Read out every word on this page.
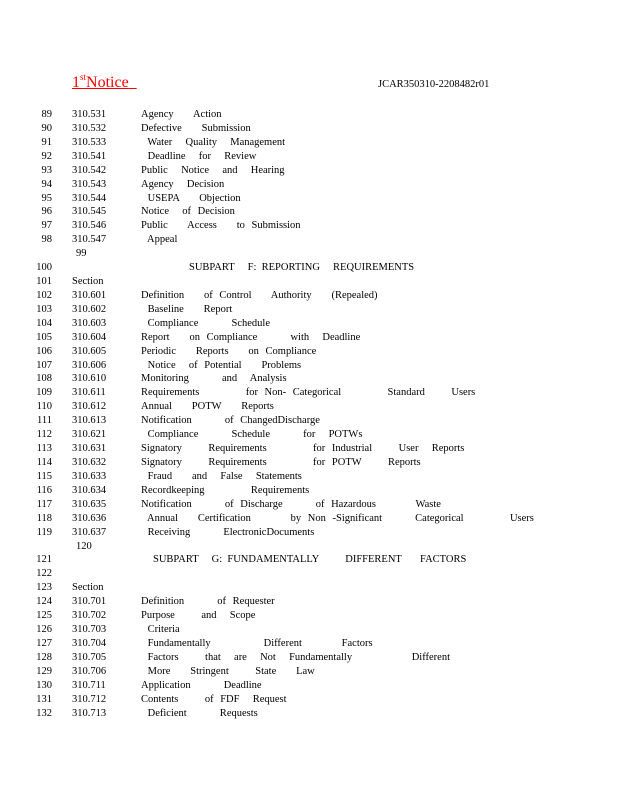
1stNotice	JCAR350310-2208482r01
89 310.531	Agency   Action
90 310.532	Defective   Submission
91 310.533	Water  Quality  Management
92 310.541	Deadline  for  Review
93 310.542	Public  Notice  and  Hearing
94 310.543	Agency  Decision
95 310.544	USEPA   Objection
96 310.545	Notice  of Decision
97 310.546	Public   Access   to Submission
98 310.547	Appeal
99
100	SUBPART     F:  REPORTING     REQUIREMENTS
101 Section
102 310.601	Definition   of Control   Authority   (Repealed)
103 310.602	Baseline   Report
104 310.603	Compliance     Schedule
105 310.604	Report   on Compliance     with  Deadline
106 310.605	Periodic   Reports   on Compliance
107 310.606	Notice  of Potential   Problems
108 310.610	Monitoring     and  Analysis
109 310.611	Requirements       for Non- Categorical       Standard    Users
110 310.612	Annual   POTW   Reports
111 310.613	Notification     of ChangedDischarge
112 310.621	Compliance     Schedule     for  POTWs
113 310.631	Signatory    Requirements       for Industrial    User  Reports
114 310.632	Signatory    Requirements       for POTW    Reports
115 310.633	Fraud   and  False  Statements
116 310.634	Recordkeeping       Requirements
117 310.635	Notification     of Discharge     of Hazardous      Waste
118 310.636	Annual   Certification      by Non -Significant     Categorical       Users
119 310.637	Receiving     ElectronicDocuments
120
121	SUBPART     G:  FUNDAMENTALLY          DIFFERENT       FACTORS
122
123 Section
124 310.701	Definition     of Requester
125 310.702	Purpose    and  Scope
126 310.703	Criteria
127 310.704	Fundamentally        Different      Factors
128 310.705	Factors    that  are  Not  Fundamentally         Different
129 310.706	More   Stringent    State   Law
130 310.711	Application     Deadline
131 310.712	Contents    of FDF  Request
132 310.713	Deficient     Requests
